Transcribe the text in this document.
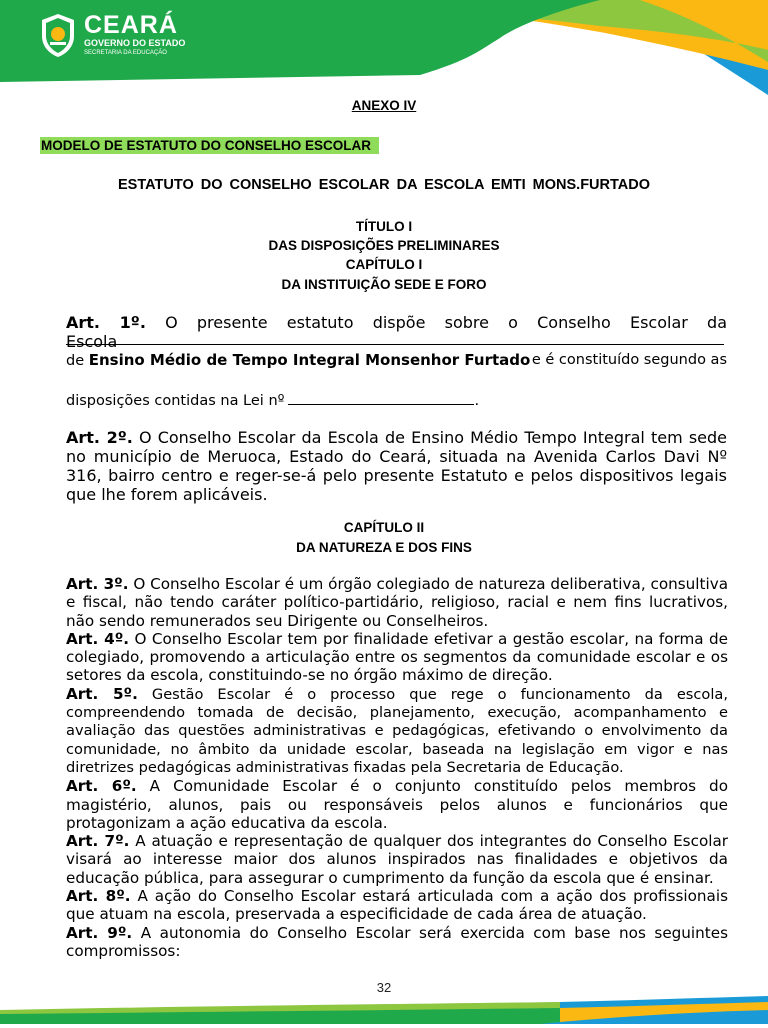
CEARÁ
GOVERNO DO ESTADO
SECRETARIA DA EDUCAÇÃO
ANEXO IV
MODELO DE ESTATUTO DO CONSELHO ESCOLAR
ESTATUTO DO CONSELHO ESCOLAR DA ESCOLA EMTI MONS.FURTADO
TÍTULO I
DAS DISPOSIÇÕES PRELIMINARES
CAPÍTULO I
DA INSTITUIÇÃO SEDE E FORO
Art. 1º. O presente estatuto dispõe sobre o Conselho Escolar da Escola
de Ensino Médio de Tempo Integral Monsenhor Furtado e é constituído segundo as
disposições contidas na Lei nº	.
Art. 2º. O Conselho Escolar da Escola de Ensino Médio Tempo Integral tem sede no município de Meruoca, Estado do Ceará, situada na Avenida Carlos Davi Nº 316, bairro centro e reger-se-á pelo presente Estatuto e pelos dispositivos legais que lhe forem aplicáveis.
CAPÍTULO II
DA NATUREZA E DOS FINS
Art. 3º. O Conselho Escolar é um órgão colegiado de natureza deliberativa, consultiva e fiscal, não tendo caráter político-partidário, religioso, racial e nem fins lucrativos, não sendo remunerados seu Dirigente ou Conselheiros.
Art. 4º. O Conselho Escolar tem por finalidade efetivar a gestão escolar, na forma de colegiado, promovendo a articulação entre os segmentos da comunidade escolar e os setores da escola, constituindo-se no órgão máximo de direção.
Art. 5º. Gestão Escolar é o processo que rege o funcionamento da escola, compreendendo tomada de decisão, planejamento, execução, acompanhamento e avaliação das questões administrativas e pedagógicas, efetivando o envolvimento da comunidade, no âmbito da unidade escolar, baseada na legislação em vigor e nas diretrizes pedagógicas administrativas fixadas pela Secretaria de Educação.
Art. 6º. A Comunidade Escolar é o conjunto constituído pelos membros do magistério, alunos, pais ou responsáveis pelos alunos e funcionários que protagonizam a ação educativa da escola.
Art. 7º. A atuação e representação de qualquer dos integrantes do Conselho Escolar visará ao interesse maior dos alunos inspirados nas finalidades e objetivos da educação pública, para assegurar o cumprimento da função da escola que é ensinar.
Art. 8º. A ação do Conselho Escolar estará articulada com a ação dos profissionais que atuam na escola, preservada a especificidade de cada área de atuação.
Art. 9º. A autonomia do Conselho Escolar será exercida com base nos seguintes compromissos:
32
